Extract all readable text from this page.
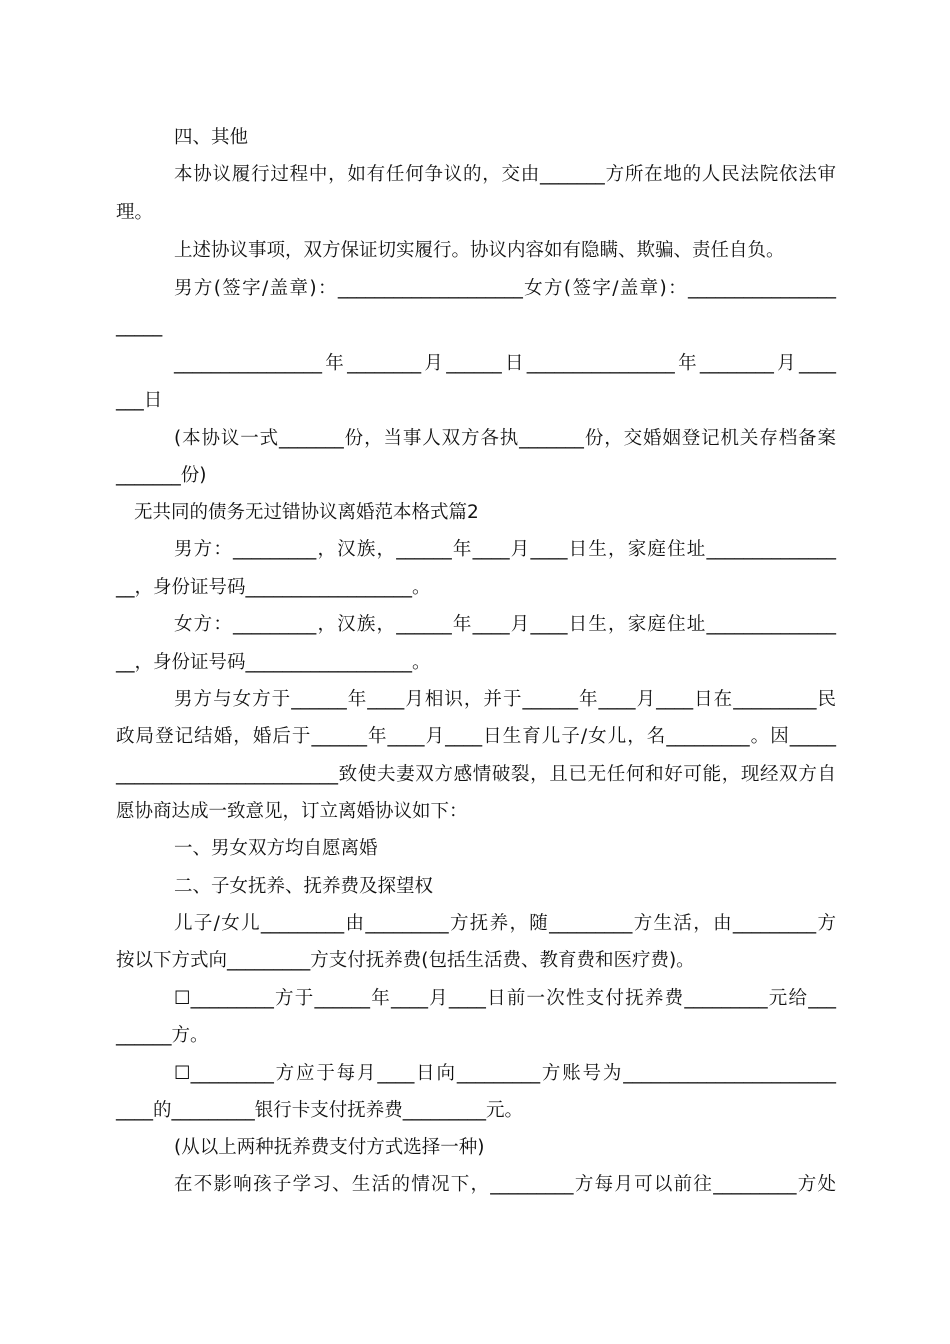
四、其他
本协议履行过程中，如有任何争议的，交由_______方所在地的人民法院依法审
理。
上述协议事项，双方保证切实履行。协议内容如有隐瞒、欺骗、责任自负。
男方(签字/盖章)：____________________女方(签字/盖章)：________________
_____
________________年________月______日________________年________月____
___日
(本协议一式_______份，当事人双方各执_______份，交婚姻登记机关存档备案
_______份)
无共同的债务无过错协议离婚范本格式篇2
男方：_________，汉族，______年____月____日生，家庭住址______________
__，身份证号码__________________。
女方：_________，汉族，______年____月____日生，家庭住址______________
__，身份证号码__________________。
男方与女方于______年____月相识，并于______年____月____日在_________民
政局登记结婚，婚后于______年____月____日生育儿子/女儿，名_________。因_____
________________________致使夫妻双方感情破裂，且已无任何和好可能，现经双方自
愿协商达成一致意见，订立离婚协议如下：
一、男女双方均自愿离婚
二、子女抚养、抚养费及探望权
儿子/女儿_________由_________方抚养，随_________方生活，由_________方
按以下方式向_________方支付抚养费(包括生活费、教育费和医疗费)。
☐_________方于______年____月____日前一次性支付抚养费_________元给___
______方。
☐_________方应于每月____日向_________方账号为_______________________
____的_________银行卡支付抚养费_________元。
(从以上两种抚养费支付方式选择一种)
在不影响孩子学习、生活的情况下，_________方每月可以前往_________方处
